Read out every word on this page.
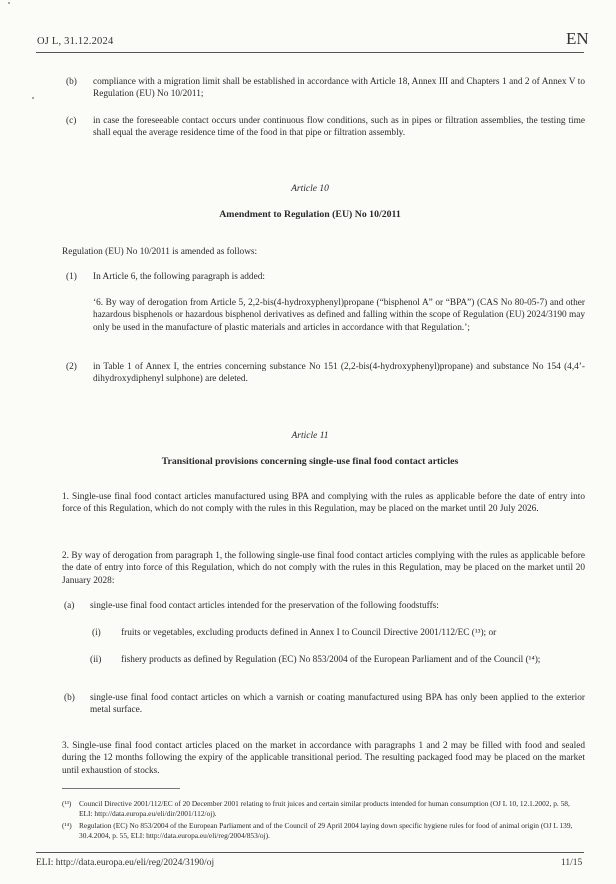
OJ L, 31.12.2024	EN
(b) compliance with a migration limit shall be established in accordance with Article 18, Annex III and Chapters 1 and 2 of Annex V to Regulation (EU) No 10/2011;
(c) in case the foreseeable contact occurs under continuous flow conditions, such as in pipes or filtration assemblies, the testing time shall equal the average residence time of the food in that pipe or filtration assembly.
Article 10
Amendment to Regulation (EU) No 10/2011
Regulation (EU) No 10/2011 is amended as follows:
(1) In Article 6, the following paragraph is added:
‘6. By way of derogation from Article 5, 2,2-bis(4-hydroxyphenyl)propane (“bisphenol A” or “BPA”) (CAS No 80-05-7) and other hazardous bisphenols or hazardous bisphenol derivatives as defined and falling within the scope of Regulation (EU) 2024/3190 may only be used in the manufacture of plastic materials and articles in accordance with that Regulation.’;
(2) in Table 1 of Annex I, the entries concerning substance No 151 (2,2-bis(4-hydroxyphenyl)propane) and substance No 154 (4,4’-dihydroxydiphenyl sulphone) are deleted.
Article 11
Transitional provisions concerning single-use final food contact articles
1. Single-use final food contact articles manufactured using BPA and complying with the rules as applicable before the date of entry into force of this Regulation, which do not comply with the rules in this Regulation, may be placed on the market until 20 July 2026.
2. By way of derogation from paragraph 1, the following single-use final food contact articles complying with the rules as applicable before the date of entry into force of this Regulation, which do not comply with the rules in this Regulation, may be placed on the market until 20 January 2028:
(a) single-use final food contact articles intended for the preservation of the following foodstuffs:
(i) fruits or vegetables, excluding products defined in Annex I to Council Directive 2001/112/EC (¹³); or
(ii) fishery products as defined by Regulation (EC) No 853/2004 of the European Parliament and of the Council (¹⁴);
(b) single-use final food contact articles on which a varnish or coating manufactured using BPA has only been applied to the exterior metal surface.
3. Single-use final food contact articles placed on the market in accordance with paragraphs 1 and 2 may be filled with food and sealed during the 12 months following the expiry of the applicable transitional period. The resulting packaged food may be placed on the market until exhaustion of stocks.
(¹³)	Council Directive 2001/112/EC of 20 December 2001 relating to fruit juices and certain similar products intended for human consumption (OJ L 10, 12.1.2002, p. 58, ELI: http://data.europa.eu/eli/dir/2001/112/oj).
(¹⁴) Regulation (EC) No 853/2004 of the European Parliament and of the Council of 29 April 2004 laying down specific hygiene rules for food of animal origin (OJ L 139, 30.4.2004, p. 55, ELI: http://data.europa.eu/eli/reg/2004/853/oj).
ELI: http://data.europa.eu/eli/reg/2024/3190/oj	11/15
